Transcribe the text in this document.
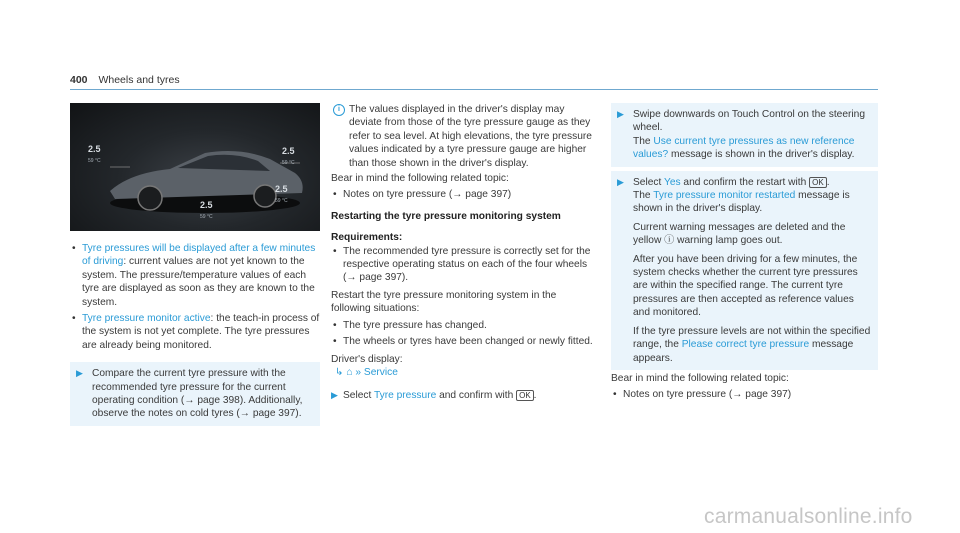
400 Wheels and tyres
2.5
59 °C
2.5
59 °C
2.5
59 °C
2.5
59 °C

• Tyre pressures will be displayed after a few minutes of driving: current values are not yet known to the system. The pressure/temperature values of each tyre are displayed as soon as they are known to the system.

• Tyre pressure monitor active: the teach-in process of the system is not yet complete. The tyre pressures are already being monitored.

▶ Compare the current tyre pressure with the recommended tyre pressure for the current operating condition (→ page 398). Additionally, observe the notes on cold tyres (→ page 397).
i The values displayed in the driver's display may deviate from those of the tyre pressure gauge as they refer to sea level. At high elevations, the tyre pressure values indicated by a tyre pressure gauge are higher than those shown in the driver's display.

Bear in mind the following related topic:

• Notes on tyre pressure (→ page 397)

Restarting the tyre pressure monitoring system

Requirements:

• The recommended tyre pressure is correctly set for the respective operating status on each of the four wheels (→ page 397).

Restart the tyre pressure monitoring system in the following situations:

• The tyre pressure has changed.

• The wheels or tyres have been changed or newly fitted.

Driver's display:

↳ ⌂ » Service

▶ Select Tyre pressure and confirm with OK .

▶ Swipe downwards on Touch Control on the steering wheel.
The Use current tyre pressures as new reference values? message is shown in the driver's display.
▶ Select Yes and confirm the restart with OK .
The Tyre pressure monitor restarted message is shown in the driver's display.

Current warning messages are deleted and the yellow ⓘ warning lamp goes out.

After you have been driving for a few minutes, the system checks whether the current tyre pressures are within the specified range. The current tyre pressures are then accepted as reference values and monitored.

If the tyre pressure levels are not within the specified range, the Please correct tyre pressure message appears.

Bear in mind the following related topic:

• Notes on tyre pressure (→ page 397)

carmanualsonline.info
